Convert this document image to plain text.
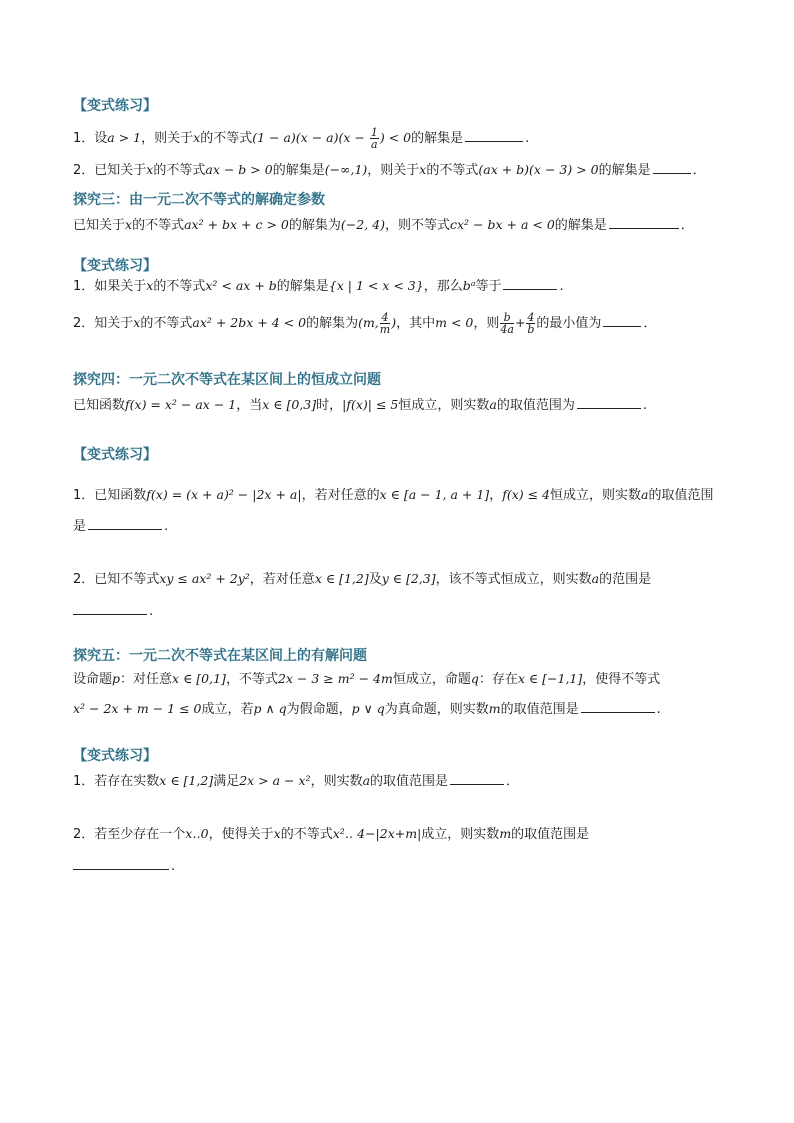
【变式练习】
1．设a > 1，则关于x的不等式$(1 - a)(x - a)(x - \frac{1}{a}$ ) < 0的解集是	.
2．已知关于x的不等式ax − b > 0的解集是(−∞,1)，则关于x的不等式(ax + b)(x − 3) > 0的解集是	．
探究三：由一元二次不等式的解确定参数
已知关于x的不等式ax² + bx + c > 0的解集为(−2, 4)，则不等式cx² − bx + a < 0的解集是	．
【变式练习】
1．如果关于x的不等式x² < ax + b的解集是{x | 1 < x < 3}，那么bᵃ等于	.
2．知关于x的不等式ax² + 2bx + 4 < 0的解集为(m, $\frac{4}{m}$ )，其中m < 0，则 $\frac{b}{4a} + \frac{4}{b}$ 的最小值为	．
探究四：一元二次不等式在某区间上的恒成立问题
已知函数f(x) = x² − ax − 1，当x ∈ [0,3]时，|f(x)| ≤ 5恒成立，则实数a的取值范围为	.
【变式练习】
1．已知函数f(x) = (x + a)² − |2x + a|，若对任意的x ∈ [a − 1, a + 1]，f(x) ≤ 4恒成立，则实数a的取值范围
是	.
2．已知不等式xy ≤ ax² + 2y²，若对任意x ∈ [1,2]及y ∈ [2,3]，该不等式恒成立，则实数a的范围是
.
探究五：一元二次不等式在某区间上的有解问题
设命题p：对任意x ∈ [0,1]，不等式2x − 3 ≥ m² − 4m恒成立，命题q：存在x ∈ [−1,1]，使得不等式
x² − 2x + m − 1 ≤ 0成立，若p ∧ q为假命题，p ∨ q为真命题，则实数m的取值范围是	.
【变式练习】
1．若存在实数x ∈ [1,2]满足2x > a − x²，则实数a的取值范围是	．
2．若至少存在一个x‥0，使得关于x的不等式x²‥ 4−|2x+m|成立，则实数m的取值范围是
.
